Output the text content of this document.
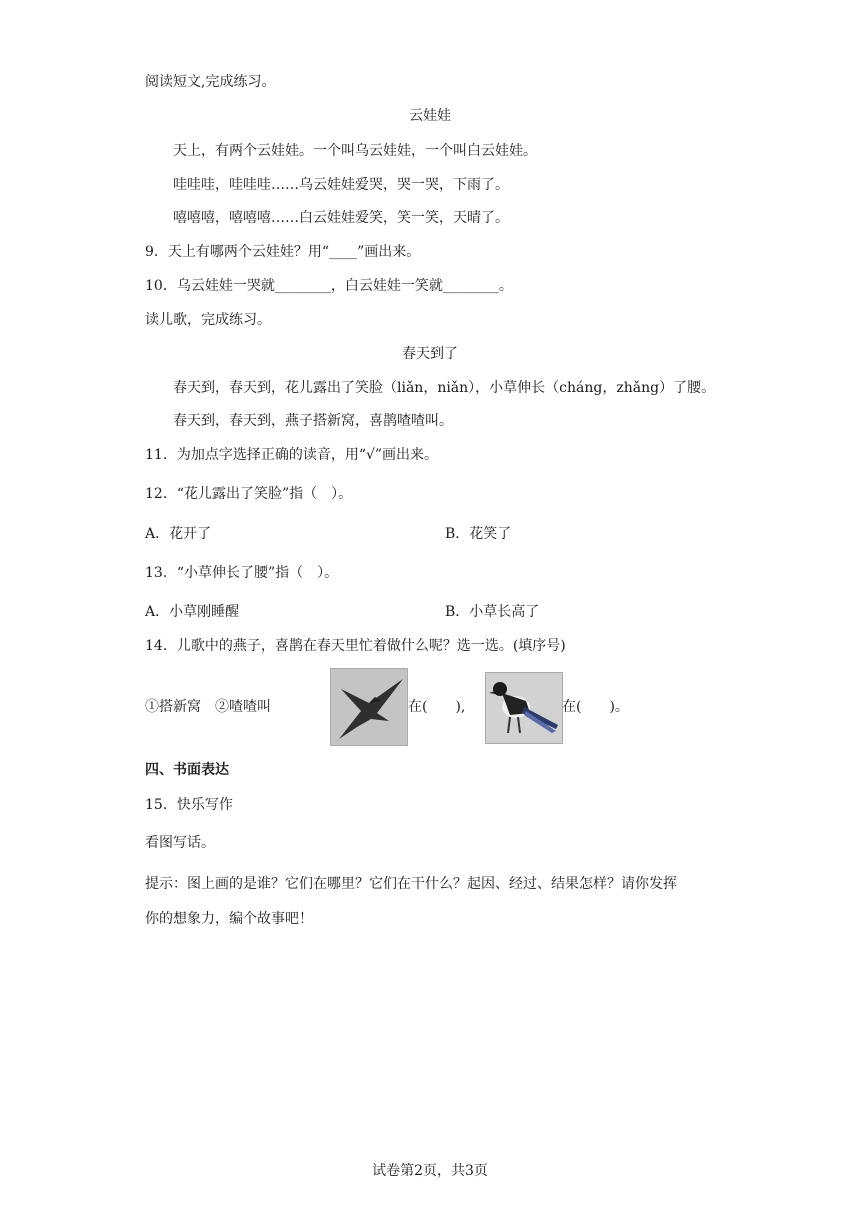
阅读短文,完成练习。
云娃娃
天上，有两个云娃娃。一个叫乌云娃娃，一个叫白云娃娃。
哇哇哇，哇哇哇……乌云娃娃爱哭，哭一哭，下雨了。
嘻嘻嘻，嘻嘻嘻……白云娃娃爱笑，笑一笑，天晴了。
9．天上有哪两个云娃娃？用“____”画出来。
10．乌云娃娃一哭就________，白云娃娃一笑就________。
读儿歌，完成练习。
春天到了
春天到，春天到，花儿露出了笑脸（liǎn，niǎn），小草伸长（cháng，zhǎng）了腰。
春天到，春天到，燕子搭新窝，喜鹊喳喳叫。
11．为加点字选择正确的读音，用“√”画出来。
12．“花儿露出了笑脸”指（　）。
A．花开了	B．花笑了
13．“小草伸长了腰”指（　）。
A．小草刚睡醒	B．小草长高了
14．儿歌中的燕子，喜鹊在春天里忙着做什么呢？选一选。(填序号)
①搭新窝　②喳喳叫	在(　　),	在(　　)。
四、书面表达
15．快乐写作
看图写话。
提示：图上画的是谁？它们在哪里？它们在干什么？起因、经过、结果怎样？请你发挥
你的想象力，编个故事吧！
试卷第2页，共3页
